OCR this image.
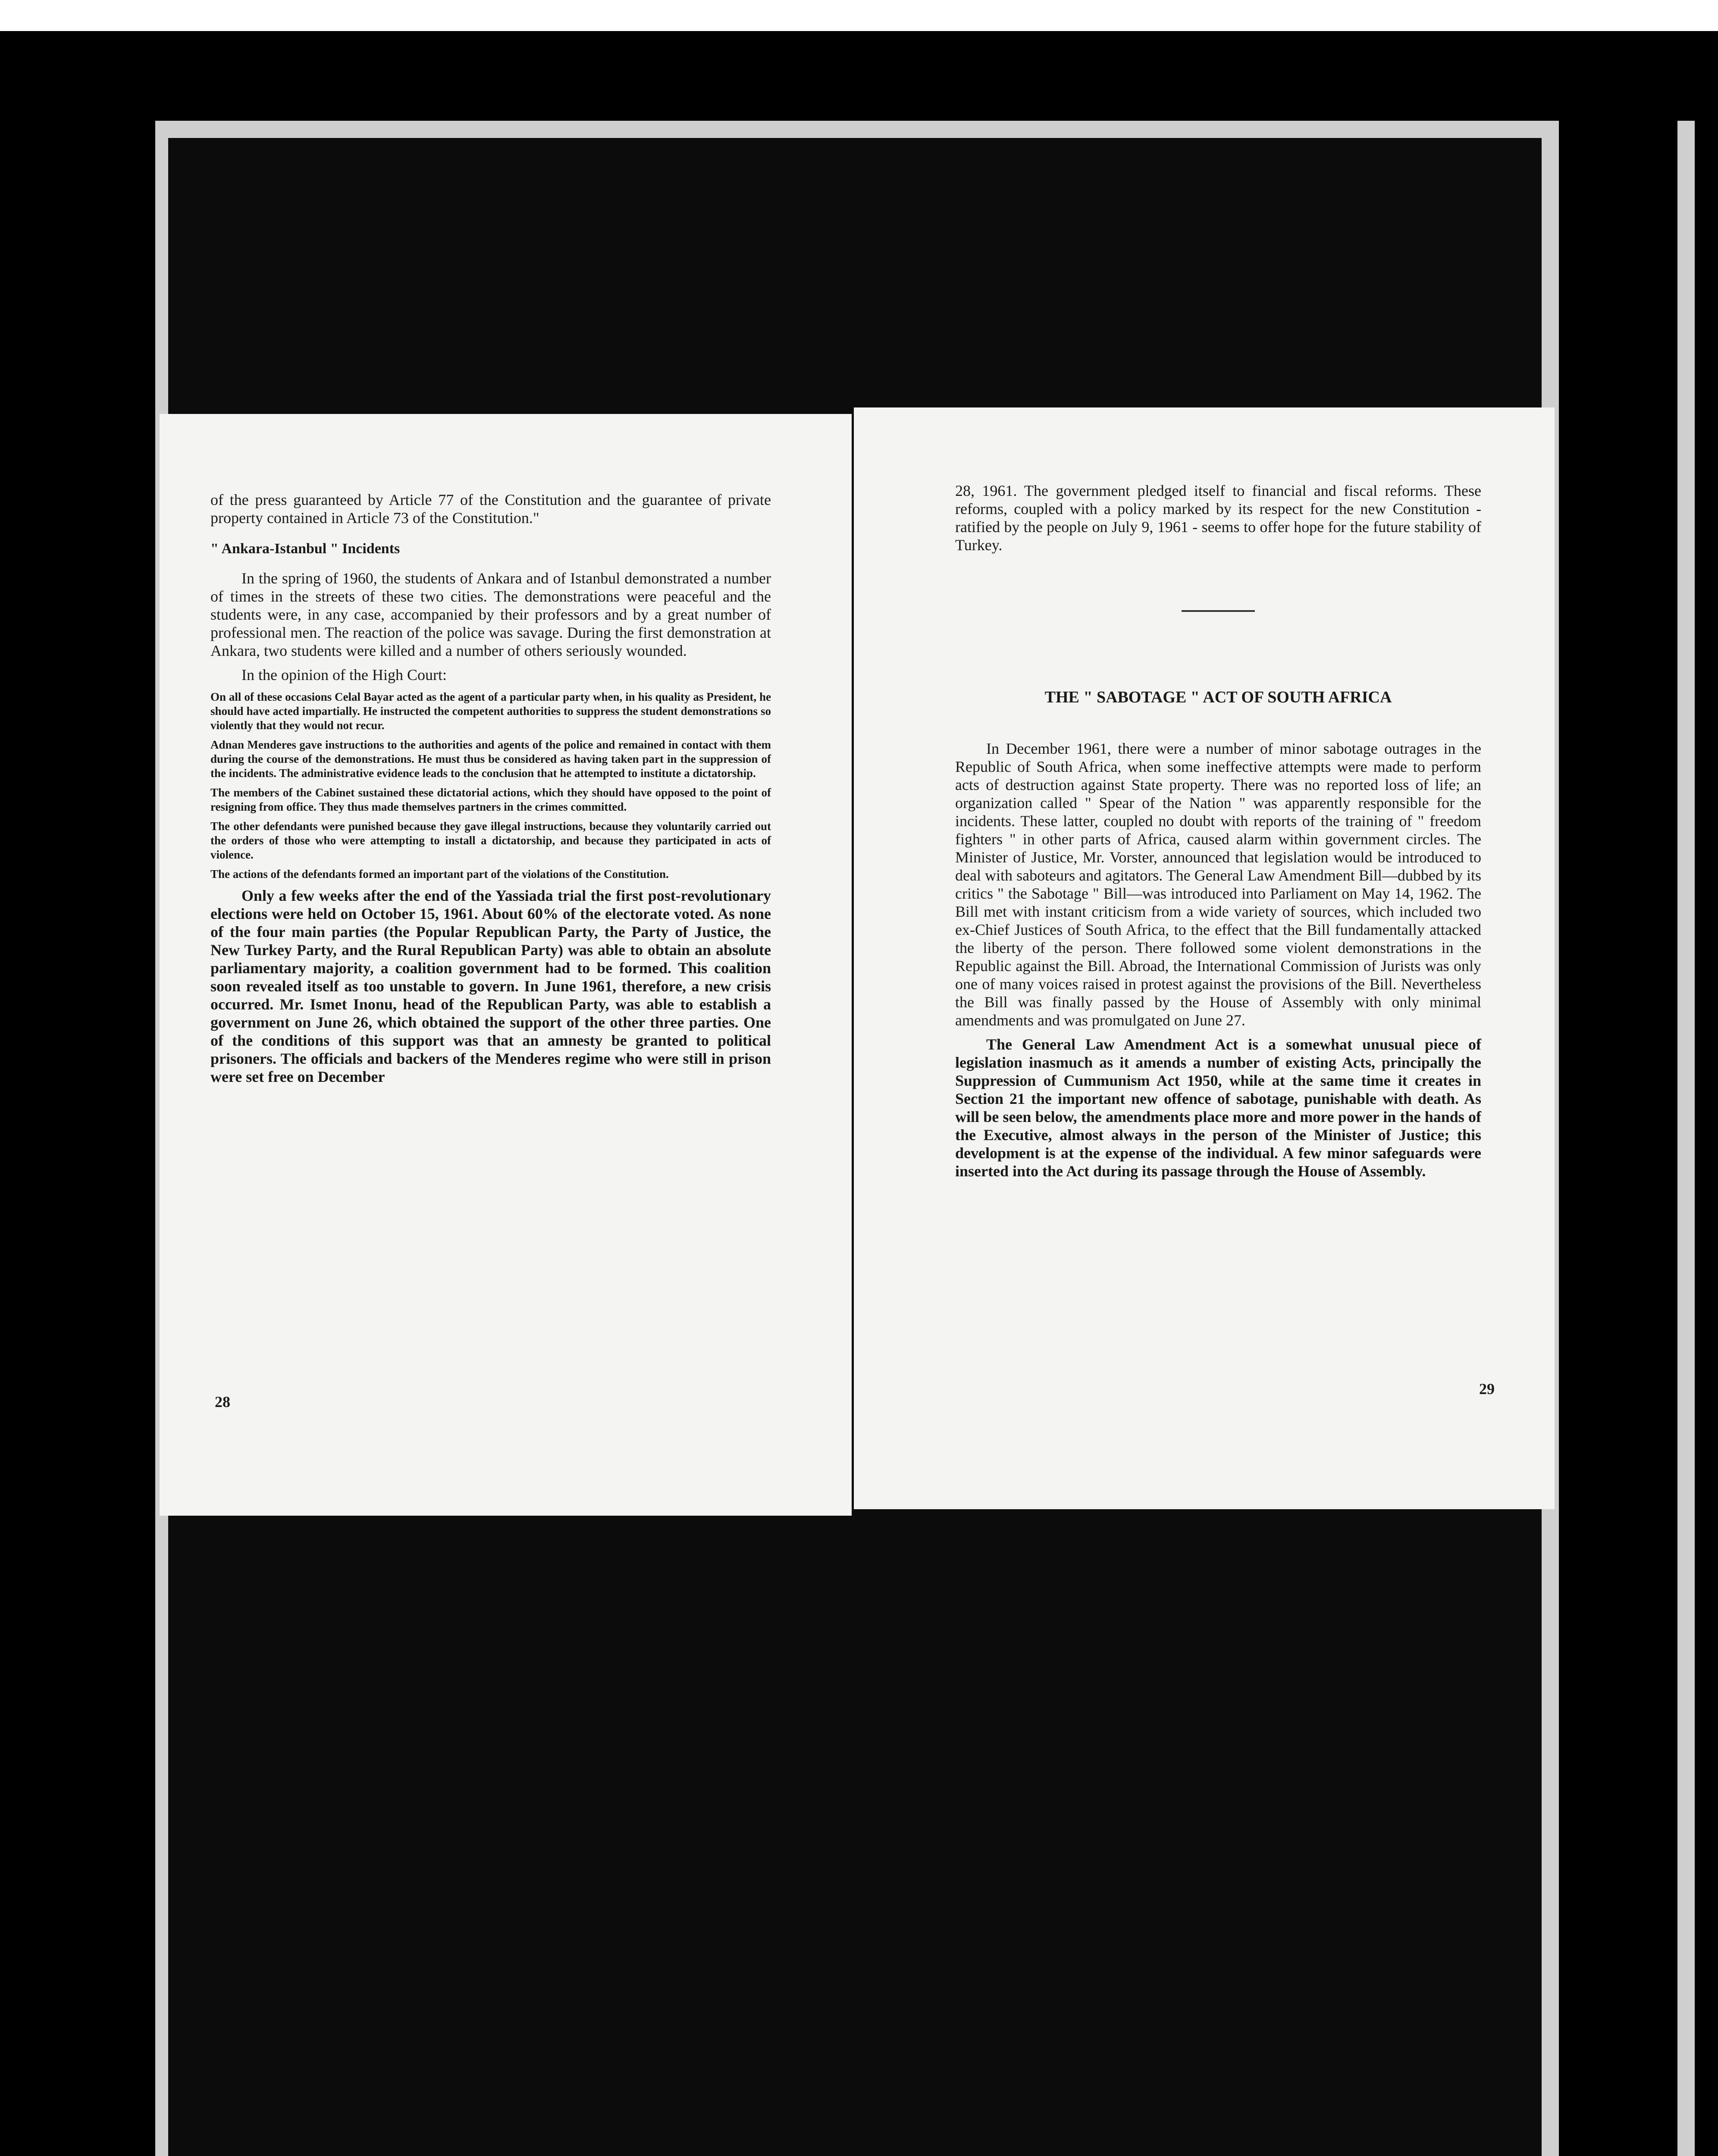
of the press guaranteed by Article 77 of the Constitution and the guarantee of private property contained in Article 73 of the Constitution."

" Ankara-Istanbul " Incidents

In the spring of 1960, the students of Ankara and of Istanbul demonstrated a number of times in the streets of these two cities. The demonstrations were peaceful and the students were, in any case, accompanied by their professors and by a great number of professional men. The reaction of the police was savage. During the first demonstration at Ankara, two students were killed and a number of others seriously wounded.

In the opinion of the High Court:

On all of these occasions Celal Bayar acted as the agent of a particular party when, in his quality as President, he should have acted impartially. He instructed the competent authorities to suppress the student demonstrations so violently that they would not recur.

Adnan Menderes gave instructions to the authorities and agents of the police and remained in contact with them during the course of the demonstrations. He must thus be considered as having taken part in the suppression of the incidents. The administrative evidence leads to the conclusion that he attempted to institute a dictatorship.

The members of the Cabinet sustained these dictatorial actions, which they should have opposed to the point of resigning from office. They thus made themselves partners in the crimes committed.

The other defendants were punished because they gave illegal instructions, because they voluntarily carried out the orders of those who were attempting to install a dictatorship, and because they participated in acts of violence.

The actions of the defendants formed an important part of the violations of the Constitution.

Only a few weeks after the end of the Yassiada trial the first post-revolutionary elections were held on October 15, 1961. About 60% of the electorate voted. As none of the four main parties (the Popular Republican Party, the Party of Justice, the New Turkey Party, and the Rural Republican Party) was able to obtain an absolute parliamentary majority, a coalition government had to be formed. This coalition soon revealed itself as too unstable to govern. In June 1961, therefore, a new crisis occurred. Mr. Ismet Inonu, head of the Republican Party, was able to establish a government on June 26, which obtained the support of the other three parties. One of the conditions of this support was that an amnesty be granted to political prisoners. The officials and backers of the Menderes regime who were still in prison were set free on December

28
28, 1961. The government pledged itself to financial and fiscal reforms. These reforms, coupled with a policy marked by its respect for the new Constitution - ratified by the people on July 9, 1961 - seems to offer hope for the future stability of Turkey.
THE " SABOTAGE " ACT OF SOUTH AFRICA

In December 1961, there were a number of minor sabotage outrages in the Republic of South Africa, when some ineffective attempts were made to perform acts of destruction against State property. There was no reported loss of life; an organization called " Spear of the Nation " was apparently responsible for the incidents. These latter, coupled no doubt with reports of the training of " freedom fighters " in other parts of Africa, caused alarm within government circles. The Minister of Justice, Mr. Vorster, announced that legislation would be introduced to deal with saboteurs and agitators. The General Law Amendment Bill—dubbed by its critics " the Sabotage " Bill—was introduced into Parliament on May 14, 1962. The Bill met with instant criticism from a wide variety of sources, which included two ex-Chief Justices of South Africa, to the effect that the Bill fundamentally attacked the liberty of the person. There followed some violent demonstrations in the Republic against the Bill. Abroad, the International Commission of Jurists was only one of many voices raised in protest against the provisions of the Bill. Nevertheless the Bill was finally passed by the House of Assembly with only minimal amendments and was promulgated on June 27.

The General Law Amendment Act is a somewhat unusual piece of legislation inasmuch as it amends a number of existing Acts, principally the Suppression of Cummunism Act 1950, while at the same time it creates in Section 21 the important new offence of sabotage, punishable with death. As will be seen below, the amendments place more and more power in the hands of the Executive, almost always in the person of the Minister of Justice; this development is at the expense of the individual. A few minor safeguards were inserted into the Act during its passage through the House of Assembly.

29
